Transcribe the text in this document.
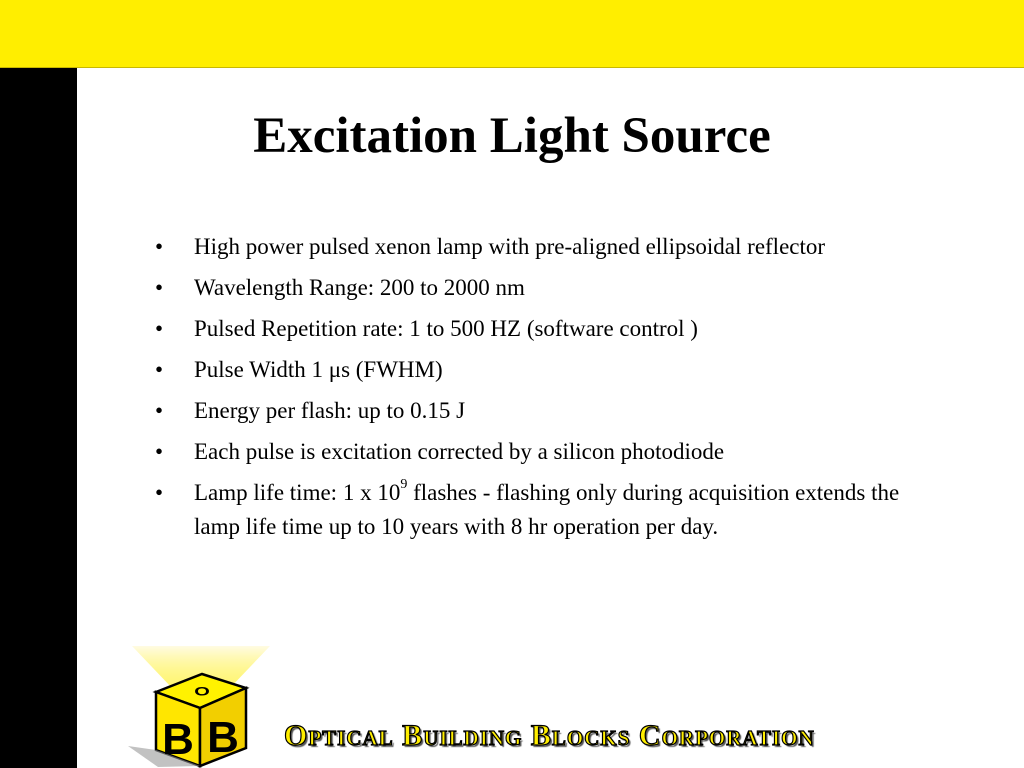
Excitation Light Source
• High power pulsed xenon lamp with pre-aligned ellipsoidal reflector
• Wavelength Range: 200 to 2000 nm
• Pulsed Repetition rate: 1 to 500 HZ (software control )
• Pulse Width 1 μs (FWHM)
• Energy per flash: up to 0.15 J
• Each pulse is excitation corrected by a silicon photodiode
• Lamp life time: 1 x $10^9$ flashes - flashing only during acquisition extends the lamp life time up to 10 years with 8 hr operation per day.
O
B B Optical Building Blocks Corporation
